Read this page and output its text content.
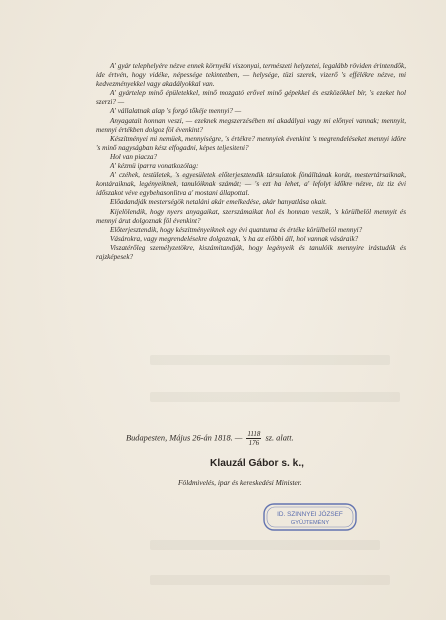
A' gyár telephelyére nézve ennek környéki viszonyai, természeti helyzetei, legalább röviden érintendők, ide értvén, hogy vidéke, népessége tekintetben, — helysége, tüzi szerek, vizerő 's effélékre nézve, mi kedvezményekkel vagy akadályokkal van.

A' gyártelep minő épületekkel, minő mozgató erővel minő gépekkel és eszközökkel bír, 's ezeket hol szerzi? —

A' vállalatnak alap 's forgó tőkéje mennyi? —

Anyagatait honnan veszi, — ezeknek megszerzésében mi akadályai vagy mi előnyei vannak; mennyit, mennyi értékben dolgoz föl évenkint?

Készítményei mi nemüek, mennyiségre, 's értékre? mennyiek évenkint 's megrendeléseket mennyi idöre 's minő nagyságban kész elfogadni, képes teljesiteni?

Hol van piacza?

A' kézmü iparra vonatkozólag:

A' czéhek, testületek, 's egyesületek előterjesztendik társulatok fönálltának korát, mestertársaiknak, kontáraiknak, legényeiknek, tanulóiknak számát; — 's ezt ha lehet, a' lefolyt időkre nézve, tiz tiz évi időszakot véve egybehasonlitva a' mostani állapottal.

Előadandják mesterségök netaláni akár emelkedése, akár hanyatlása okait.

Kijelölendik, hogy nyers anyagaikat, szerszámaikat hol és honnan veszik, 's körülbelöl mennyit és mennyi árut dolgoznak föl évenkint?

Előterjesztendik, hogy készitményeiknek egy évi quantuma és értéke körülbelöl mennyi?

Vásárokra, vagy megrendelésekre dolgoznak, 's ha az előbbi áll, hol vannak vásáraik?

Viszatérőleg személyzetökre, kiszámitandják, hogy legényeik és tanulóik mennyire irástudók és rajzképesek?

Budapesten, Május 26-án 1818. — $\frac{1118}{176}$ sz. alatt.
Klauzál Gábor s. k.,
Földmivelés, ipar és kereskedési Minister.
ID. SZINNYEI JÓZSEF
GYŰJTEMÉNY
